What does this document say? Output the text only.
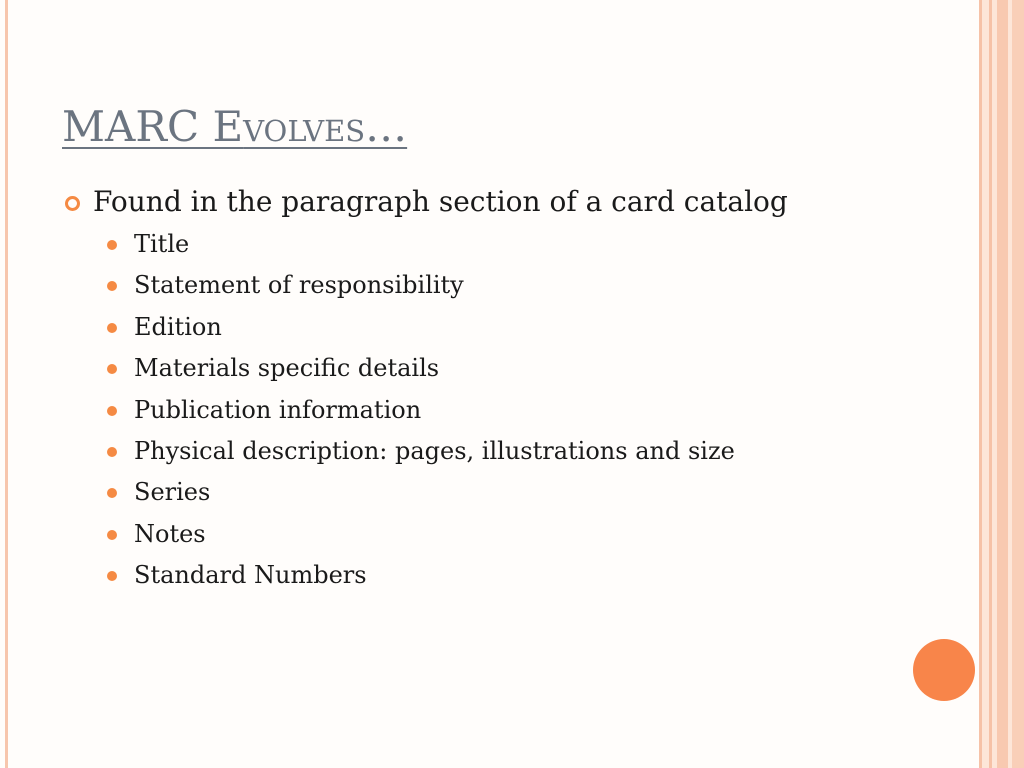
MARC Evolves…
Found in the paragraph section of a card catalog
Title
Statement of responsibility
Edition
Materials specific details
Publication information
Physical description: pages, illustrations and size
Series
Notes
Standard Numbers
